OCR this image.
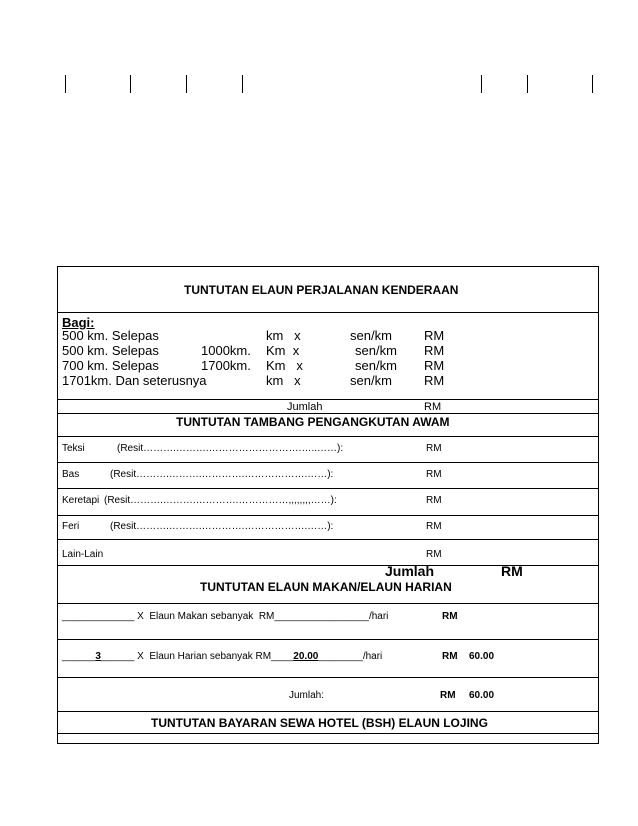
TUNTUTAN ELAUN PERJALANAN KENDERAAN
Bagi:
500 km. Selepas	km   x	sen/km RM
500 km. Selepas	1000km. Km  x	sen/km RM
700 km. Selepas	1700km. Km   x	sen/km RM
1701km. Dan seterusnya	km   x	sen/km RM
Jumlah	RM
TUNTUTAN TAMBANG PENGANGKUTAN AWAM
Teksi	(Resit……….……….……………………….…..……):	RM
Bas	(Resit……….……….………….……………….……):	RM
Keretapi (Resit……….……….………….……………,,,,,,,,……):	RM
Feri	(Resit……….……….………….……………….……):	RM
Lain-Lain	RM
Jumlah	RM
TUNTUTAN ELAUN MAKAN/ELAUN HARIAN
_____________ X  Elaun Makan sebanyak  RM_________________/hari	RM
______3______ X  Elaun Harian sebanyak RM____20.00________/hari	RM 60.00
Jumlah:	RM 60.00
TUNTUTAN BAYARAN SEWA HOTEL (BSH) ELAUN LOJING
